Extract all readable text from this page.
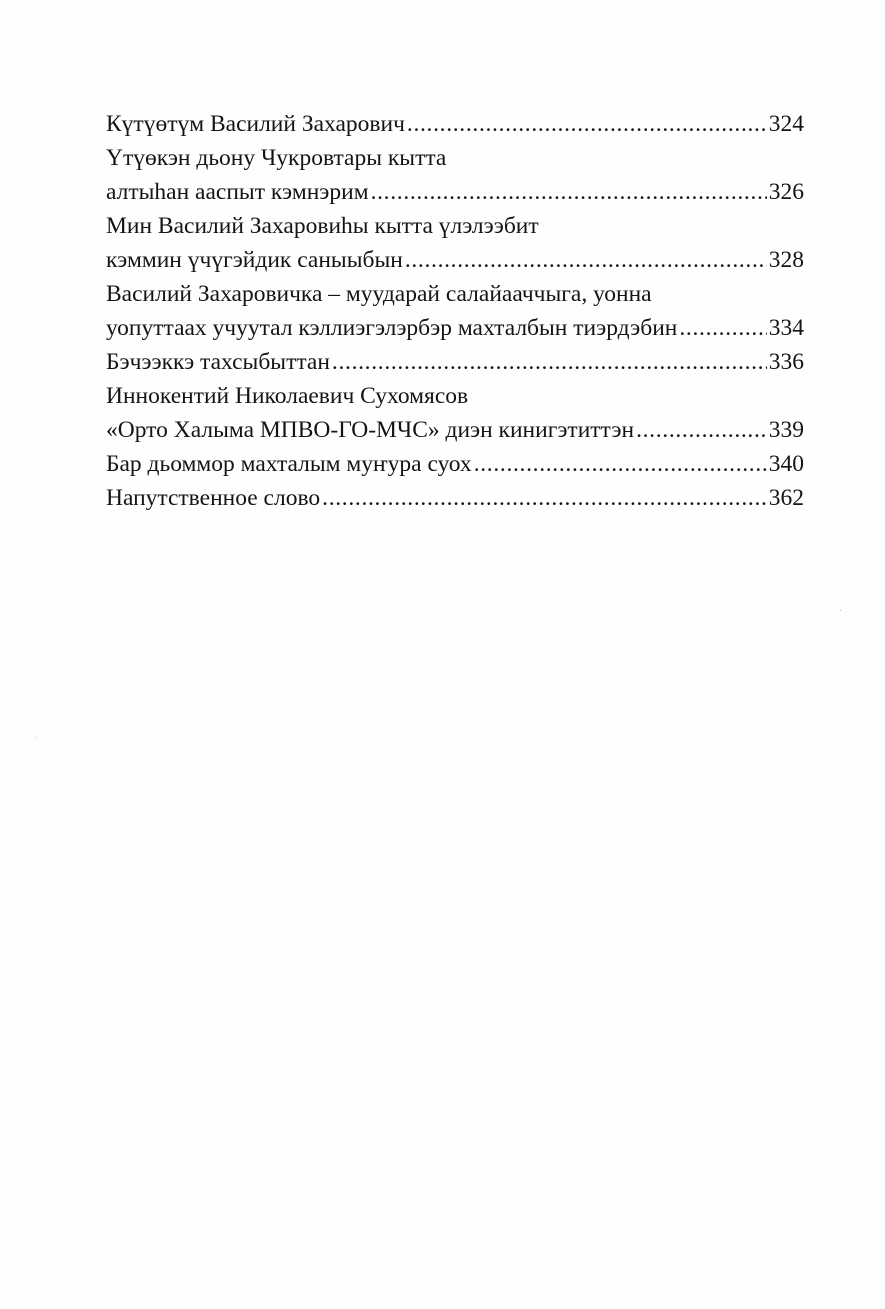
Күтүөтүм Василий Захарович . . .	324
Үтүөкэн дьону Чукровтары кытта
алтыһан ааспыт кэмнэрим . . .	326
Мин Василий Захаровиһы кытта үлэлээбит
кэммин үчүгэйдик саныыбын . . .	328
Василий Захаровичка – муударай салайааччыга, уонна
уопуттаах учуутал кэллиэгэлэрбэр махталбын тиэрдэбин . . .	334
Бэчээккэ тахсыбыттан . . .	336
Иннокентий Николаевич Сухомясов
«Орто Халыма МПВО-ГО-МЧС» диэн кинигэтиттэн . . .	339
Бар дьоммор махталым муҥура суох . . .	340
Напутственное слово . . .	362
